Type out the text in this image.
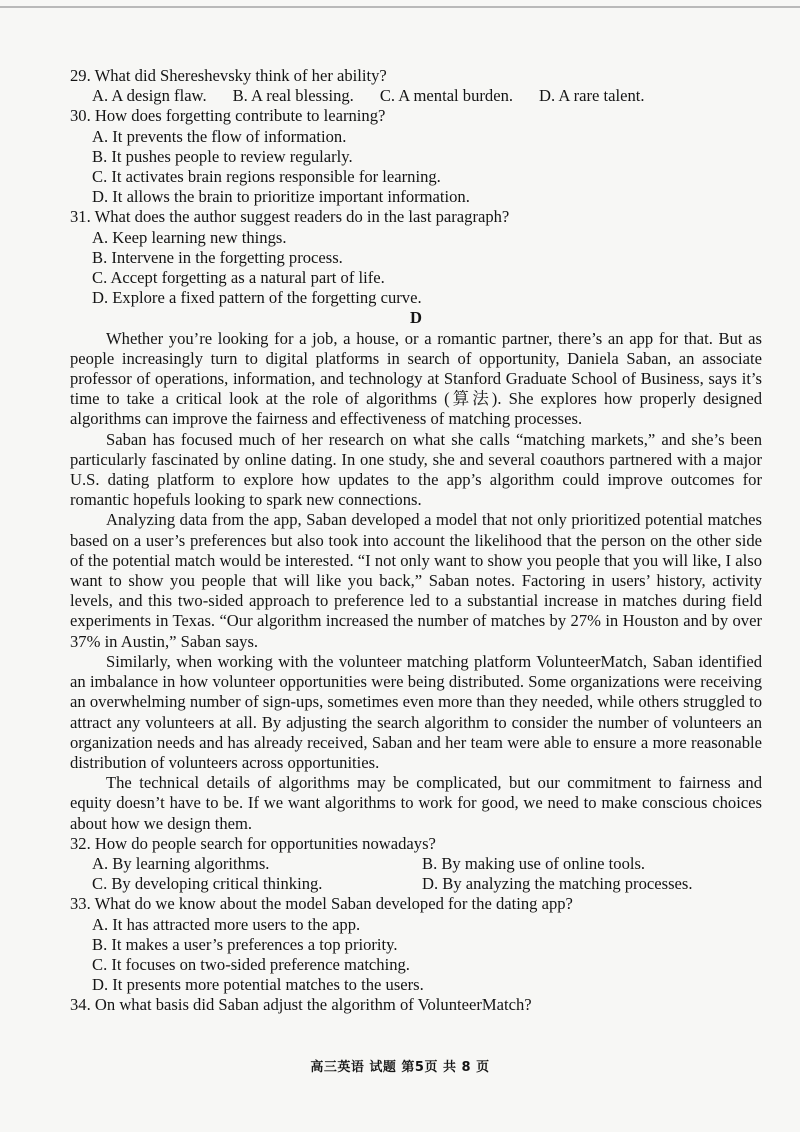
29. What did Shereshevsky think of her ability?

A. A design flaw. B. A real blessing. C. A mental burden. D. A rare talent.

30. How does forgetting contribute to learning?

A. It prevents the flow of information.

B. It pushes people to review regularly.

C. It activates brain regions responsible for learning.

D. It allows the brain to prioritize important information.

31. What does the author suggest readers do in the last paragraph?

A. Keep learning new things.

B. Intervene in the forgetting process.

C. Accept forgetting as a natural part of life.

D. Explore a fixed pattern of the forgetting curve.

D

Whether you’re looking for a job, a house, or a romantic partner, there’s an app for that. But as people increasingly turn to digital platforms in search of opportunity, Daniela Saban, an associate professor of operations, information, and technology at Stanford Graduate School of Business, says it’s time to take a critical look at the role of algorithms (算法). She explores how properly designed algorithms can improve the fairness and effectiveness of matching processes.

Saban has focused much of her research on what she calls “matching markets,” and she’s been particularly fascinated by online dating. In one study, she and several coauthors partnered with a major U.S. dating platform to explore how updates to the app’s algorithm could improve outcomes for romantic hopefuls looking to spark new connections.

Analyzing data from the app, Saban developed a model that not only prioritized potential matches based on a user’s preferences but also took into account the likelihood that the person on the other side of the potential match would be interested. “I not only want to show you people that you will like, I also want to show you people that will like you back,” Saban notes. Factoring in users’ history, activity levels, and this two-sided approach to preference led to a substantial increase in matches during field experiments in Texas. “Our algorithm increased the number of matches by 27% in Houston and by over 37% in Austin,” Saban says.

Similarly, when working with the volunteer matching platform VolunteerMatch, Saban identified an imbalance in how volunteer opportunities were being distributed. Some organizations were receiving an overwhelming number of sign-ups, sometimes even more than they needed, while others struggled to attract any volunteers at all. By adjusting the search algorithm to consider the number of volunteers an organization needs and has already received, Saban and her team were able to ensure a more reasonable distribution of volunteers across opportunities.

The technical details of algorithms may be complicated, but our commitment to fairness and equity doesn’t have to be. If we want algorithms to work for good, we need to make conscious choices about how we design them.

32. How do people search for opportunities nowadays?

A. By learning algorithms.	B. By making use of online tools.
C. By developing critical thinking.	D. By analyzing the matching processes.

33. What do we know about the model Saban developed for the dating app?

A. It has attracted more users to the app.

B. It makes a user’s preferences a top priority.

C. It focuses on two-sided preference matching.

D. It presents more potential matches to the users.

34. On what basis did Saban adjust the algorithm of VolunteerMatch?

高三英语 试题 第5页 共 8 页
